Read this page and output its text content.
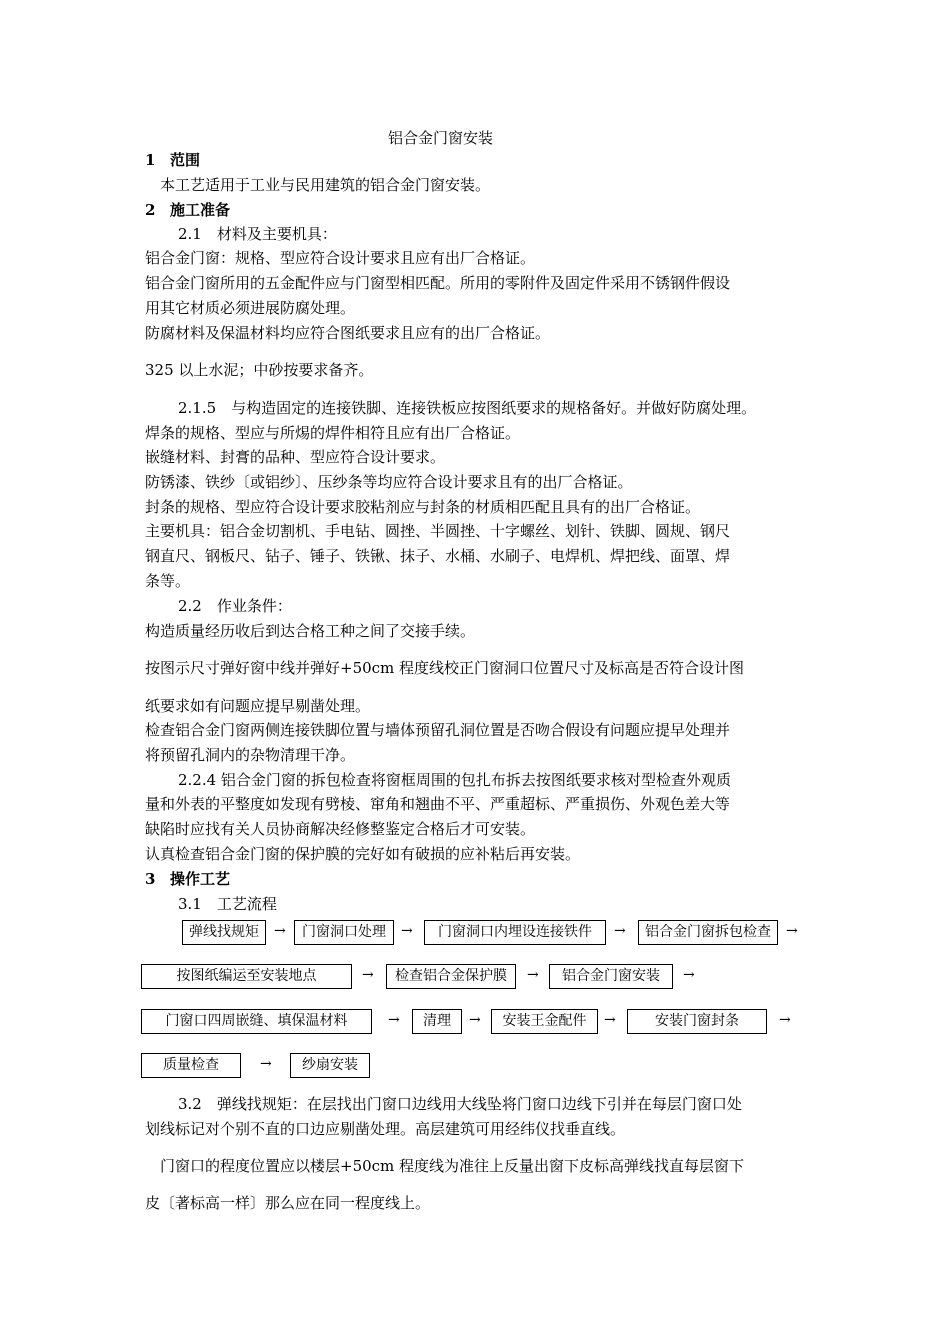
铝合金门窗安装
1 范围
本工艺适用于工业与民用建筑的铝合金门窗安装。
2 施工准备
2.1　材料及主要机具：
铝合金门窗：规格、型应符合设计要求且应有出厂合格证。
铝合金门窗所用的五金配件应与门窗型相匹配。所用的零附件及固定件采用不锈钢件假设
用其它材质必须进展防腐处理。
防腐材料及保温材料均应符合图纸要求且应有的出厂合格证。
325 以上水泥；中砂按要求备齐。
2.1.5　与构造固定的连接铁脚、连接铁板应按图纸要求的规格备好。并做好防腐处理。
焊条的规格、型应与所焬的焊件相符且应有出厂合格证。
嵌缝材料、封膏的品种、型应符合设计要求。
防锈漆、铁纱〔或铝纱〕、压纱条等均应符合设计要求且有的出厂合格证。
封条的规格、型应符合设计要求胶粘剂应与封条的材质相匹配且具有的出厂合格证。
主要机具：铝合金切割机、手电钻、圆挫、半圆挫、十字螺丝、划针、铁脚、圆规、钢尺
钢直尺、钢板尺、钻子、锤子、铁锹、抹子、水桶、水刷子、电焊机、焊把线、面罩、焊
条等。
2.2　作业条件：
构造质量经历收后到达合格工种之间了交接手续。
按图示尺寸弹好窗中线并弹好+50cm 程度线校正门窗洞口位置尺寸及标高是否符合设计图
纸要求如有问题应提早剔凿处理。
检查铝合金门窗两侧连接铁脚位置与墙体预留孔洞位置是否吻合假设有问题应提早处理并
将预留孔洞内的杂物清理干净。
2.2.4 铝合金门窗的拆包检查将窗框周围的包扎布拆去按图纸要求核对型检查外观质
量和外表的平整度如发现有劈棱、窜角和翘曲不平、严重超标、严重损伤、外观色差大等
缺陷时应找有关人员协商解决经修整鉴定合格后才可安装。
认真检查铝合金门窗的保护膜的完好如有破损的应补粘后再安装。
3 操作工艺
3.1　工艺流程
弹线找规矩	→	门窗洞口处理	→	门窗洞口内埋设连接铁件	→	铝合金门窗拆包检查	→
按图纸编运至安装地点	→	检查铝合金保护膜	→	铝合金门窗安装	→
门窗口四周嵌缝、填保温材料	→	清理	→	安装王金配件	→	安装门窗封条	→
质量检查	→	纱扇安装
3.2　弹线找规矩：在层找出门窗口边线用大线坠将门窗口边线下引并在每层门窗口处
划线标记对个别不直的口边应剔凿处理。高层建筑可用经纬仪找垂直线。
门窗口的程度位置应以楼层+50cm 程度线为准往上反量出窗下皮标高弹线找直每层窗下
皮〔著标高一样〕那么应在同一程度线上。
